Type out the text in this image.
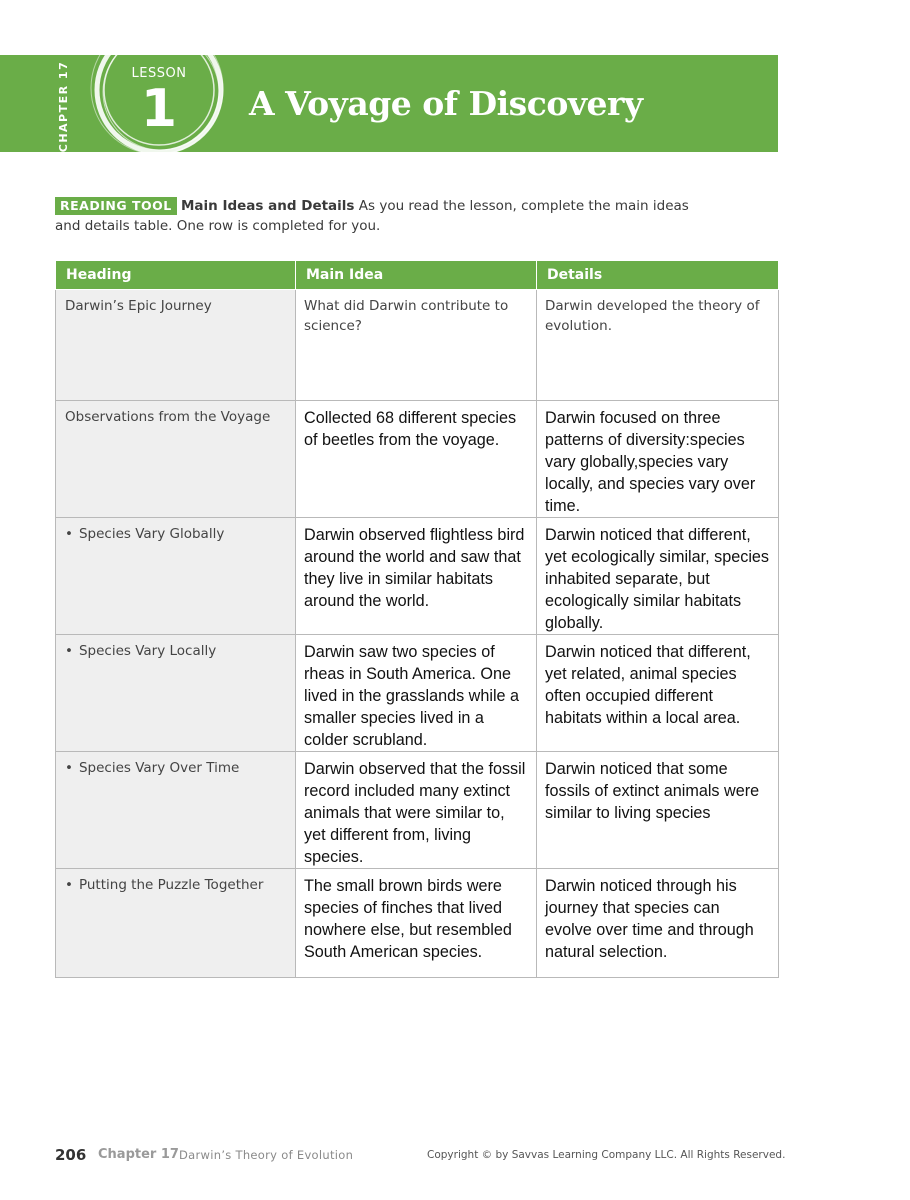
CHAPTER 17	LESSON
1	A Voyage of Discovery
READING TOOL Main Ideas and Details As you read the lesson, complete the main ideas and details table. One row is completed for you.
Heading	Main Idea	Details
Darwin’s Epic Journey	What did Darwin contribute to science?	Darwin developed the theory of evolution.
Observations from the Voyage	Collected 68 different species of beetles from the voyage.	Darwin focused on three patterns of diversity:species vary globally,species vary locally, and species vary over time.
• Species Vary Globally	Darwin observed flightless bird around the world and saw that they live in similar habitats around the world.	Darwin noticed that different, yet ecologically similar, species inhabited separate, but ecologically similar habitats globally.
• Species Vary Locally	Darwin saw two species of rheas in South America. One lived in the grasslands while a smaller species lived in a colder scrubland.	Darwin noticed that different, yet related, animal species often occupied different habitats within a local area.
• Species Vary Over Time	Darwin observed that the fossil record included many extinct animals that were similar to, yet different from, living species.	Darwin noticed that some fossils of extinct animals were similar to living species
• Putting the Puzzle Together	The small brown birds were species of finches that lived nowhere else, but resembled South American species.	Darwin noticed through his journey that species can evolve over time and through natural selection.
206 Chapter 17 Darwin’s Theory of Evolution	Copyright © by Savvas Learning Company LLC. All Rights Reserved.
